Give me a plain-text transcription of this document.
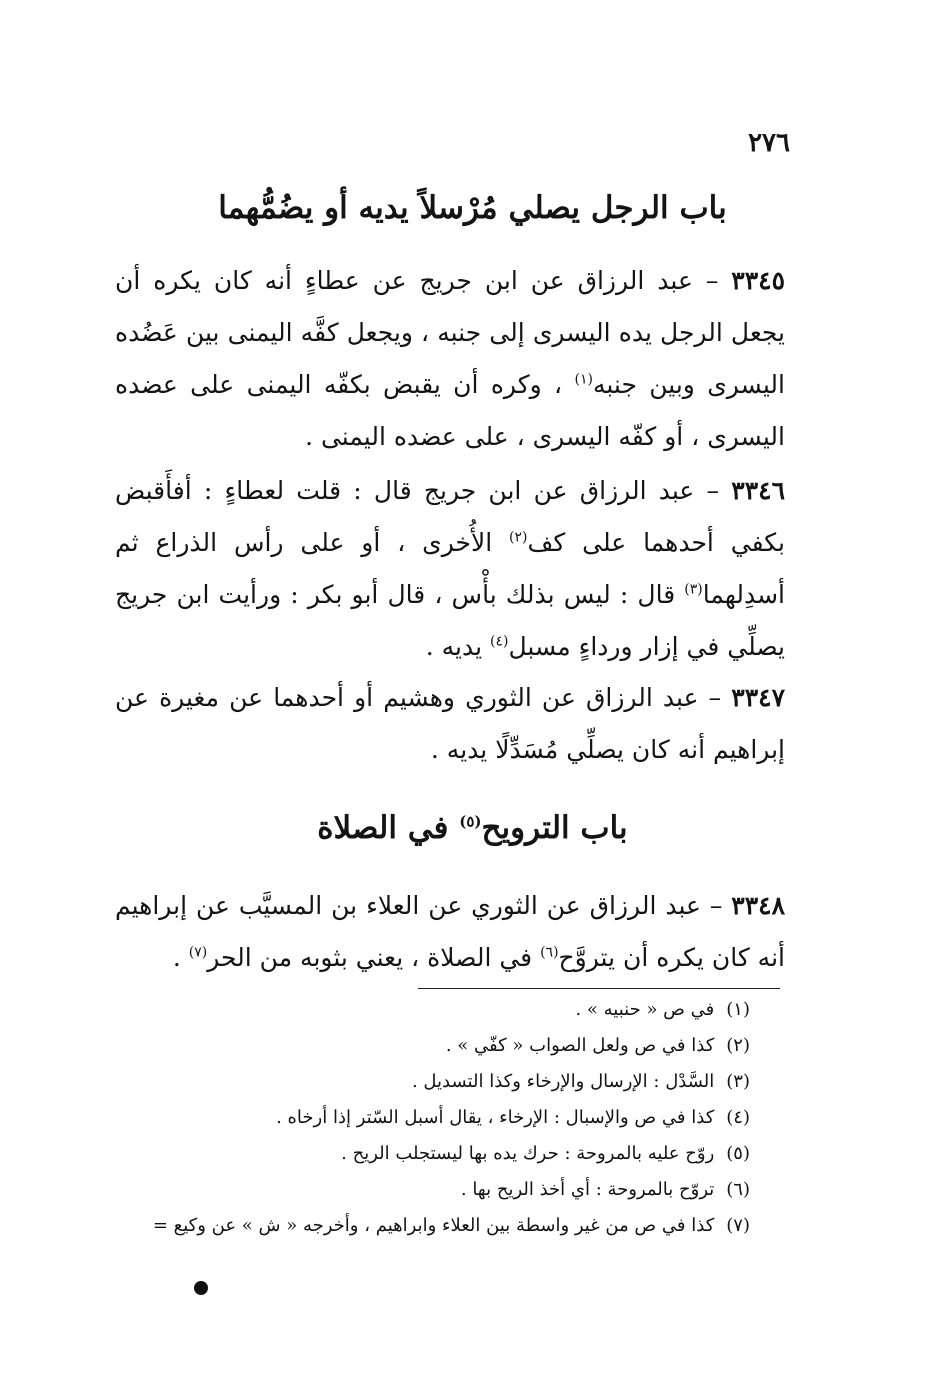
٢٧٦
باب الرجل يصلي مُرْسلاً يديه أو يضُمُّهما

٣٣٤٥ – عبد الرزاق عن ابن جريج عن عطاءٍ أنه كان يكره أن يجعل الرجل يده اليسرى إلى جنبه ، ويجعل كفَّه اليمنى بين عَضُده اليسرى وبين جنبه$^{(١)}$ ، وكره أن يقبض بكفّه اليمنى على عضده اليسرى ، أو كفّه اليسرى ، على عضده اليمنى .

٣٣٤٦ – عبد الرزاق عن ابن جريج قال : قلت لعطاءٍ : أفأَقبض بكفي أحدهما على كف$^{(٢)}$ الأُخرى ، أو على رأس الذراع ثم أسدِلهما$^{(٣)}$ قال : ليس بذلك بأْس ، قال أبو بكر : ورأيت ابن جريج يصلِّي في إزار ورداءٍ مسبل$^{(٤)}$ يديه .

٣٣٤٧ – عبد الرزاق عن الثوري وهشيم أو أحدهما عن مغيرة عن إبراهيم أنه كان يصلِّي مُسَدِّلًا يديه .

باب الترويح$^{(٥)}$ في الصلاة

٣٣٤٨ – عبد الرزاق عن الثوري عن العلاء بن المسيَّب عن إبراهيم أنه كان يكره أن يتروَّح$^{(٦)}$ في الصلاة ، يعني بثوبه من الحر$^{(٧)}$ .

(١)في ص « حنبيه » .
(٢)كذا في ص ولعل الصواب « كفّي » .
(٣)السَّدْل : الإرسال والإرخاء وكذا التسديل .
(٤)كذا في ص والإسبال : الإرخاء ، يقال أسبل السّتر إذا أرخاه .
(٥)روّح عليه بالمروحة : حرك يده بها ليستجلب الريح .
(٦)تروّح بالمروحة : أي أخذ الريح بها .
(٧)كذا في ص من غير واسطة بين العلاء وابراهيم ، وأخرجه « ش » عن وكيع =
